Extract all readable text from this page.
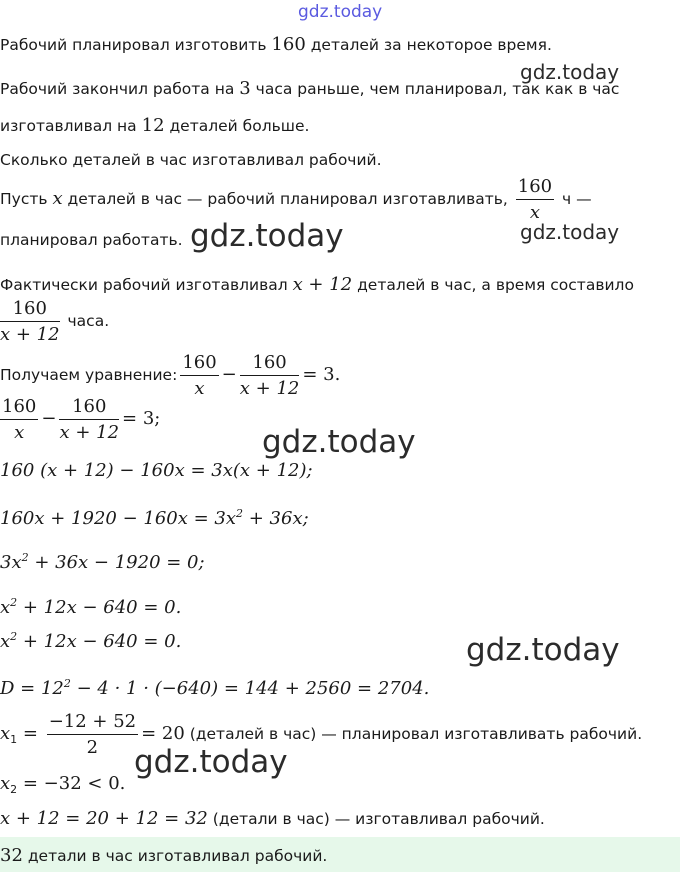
gdz.today
gdz.today
gdz.today
gdz.today
gdz.today
gdz.today
gdz.today
Рабочий планировал изготовить 160 деталей за некоторое время.
Рабочий закончил работа на 3 часа раньше, чем планировал, так как в час
изготавливал на 12 деталей больше.
Сколько деталей в час изготавливал рабочий.
Пусть x деталей в час — рабочий планировал изготавливать, $\frac{160}{x}$ ч —
планировал работать.
Фактически рабочий изготавливал x + 12 деталей в час, а время составило
$\frac{160}{x + 12}$ часа.
Получаем уравнение: $\frac{160}{x} - \frac{160}{x + 12} = 3$.
$\frac{160}{x} - \frac{160}{x + 12} = 3$;
160 (x + 12) − 160x = 3x(x + 12);
$160x + 1920 - 160x = 3x^2 + 36x$;
$3x^2 + 36x - 1920 = 0$;
$x^2 + 12x - 640 = 0$.
$x^2 + 12x - 640 = 0$.
$D = 12^2 - 4 \cdot 1 \cdot (-640) = 144 + 2560 = 2704$.
$x_1 = \frac{-12 + 52}{2} = 20$ (деталей в час) — планировал изготавливать рабочий.
$x_2 = -32 < 0$.
x + 12 = 20 + 12 = 32 (детали в час) — изготавливал рабочий.
32 детали в час изготавливал рабочий.
